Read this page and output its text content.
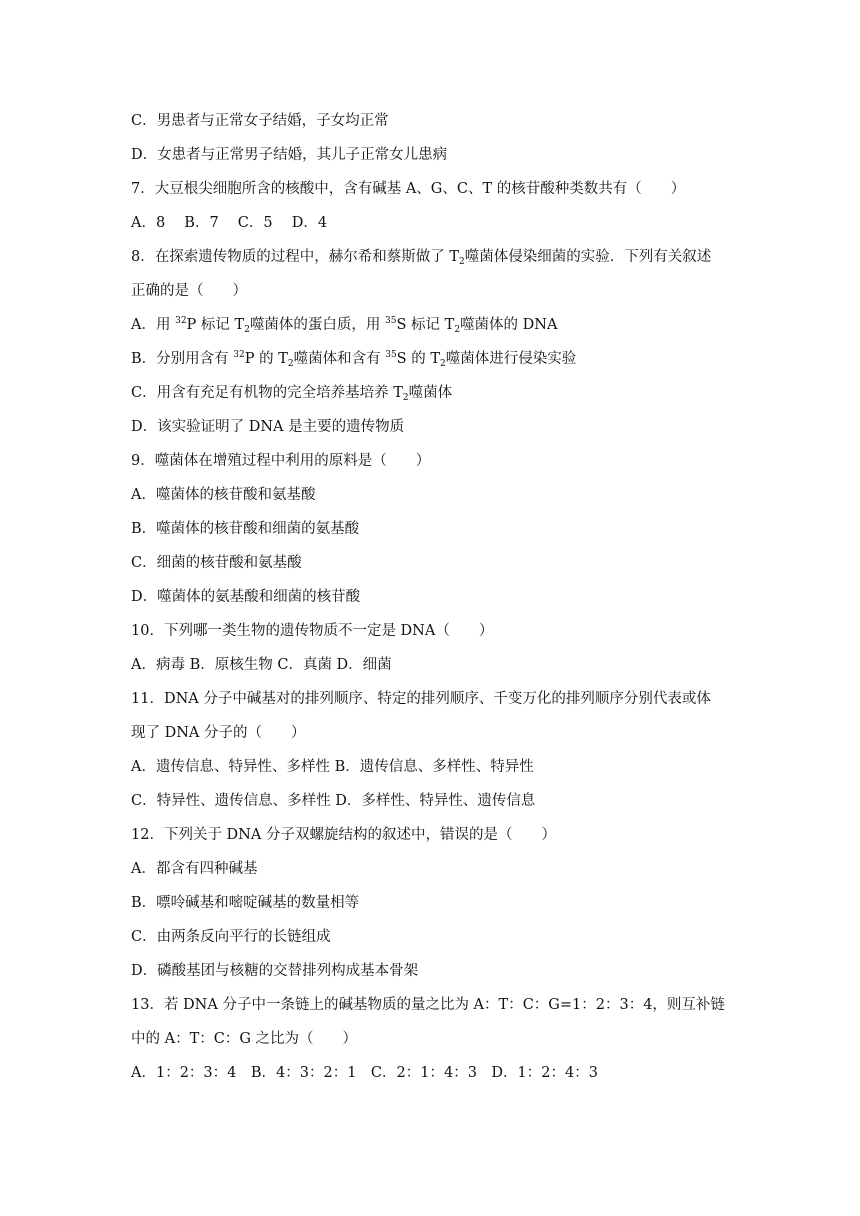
C．男患者与正常女子结婚，子女均正常
D．女患者与正常男子结婚，其儿子正常女儿患病
7．大豆根尖细胞所含的核酸中，含有碱基 A、G、C、T 的核苷酸种类数共有（　　）
A．8　 B．7　 C．5　 D．4
8．在探索遗传物质的过程中，赫尔希和蔡斯做了 $T_2$噬菌体侵染细菌的实验．下列有关叙述
正确的是（　　）
A．用 $^{32}$P 标记 $T_2$噬菌体的蛋白质，用 $^{35}$S 标记 $T_2$噬菌体的 DNA
B．分别用含有 $^{32}$P 的 $T_2$噬菌体和含有 $^{35}$S 的 $T_2$噬菌体进行侵染实验
C．用含有充足有机物的完全培养基培养 $T_2$噬菌体
D．该实验证明了 DNA 是主要的遗传物质
9．噬菌体在增殖过程中利用的原料是（　　）
A．噬菌体的核苷酸和氨基酸
B．噬菌体的核苷酸和细菌的氨基酸
C．细菌的核苷酸和氨基酸
D．噬菌体的氨基酸和细菌的核苷酸
10．下列哪一类生物的遗传物质不一定是 DNA（　　）
A．病毒 B．原核生物 C．真菌 D．细菌
11．DNA 分子中碱基对的排列顺序、特定的排列顺序、千变万化的排列顺序分别代表或体
现了 DNA 分子的（　　）
A．遗传信息、特异性、多样性 B．遗传信息、多样性、特异性
C．特异性、遗传信息、多样性 D．多样性、特异性、遗传信息
12．下列关于 DNA 分子双螺旋结构的叙述中，错误的是（　　）
A．都含有四种碱基
B．嘌呤碱基和嘧啶碱基的数量相等
C．由两条反向平行的长链组成
D．磷酸基团与核糖的交替排列构成基本骨架
13．若 DNA 分子中一条链上的碱基物质的量之比为 A：T：C：G=1：2：3：4，则互补链
中的 A：T：C：G 之比为（　　）
A．1：2：3：4　B．4：3：2：1　C．2：1：4：3　D．1：2：4：3
